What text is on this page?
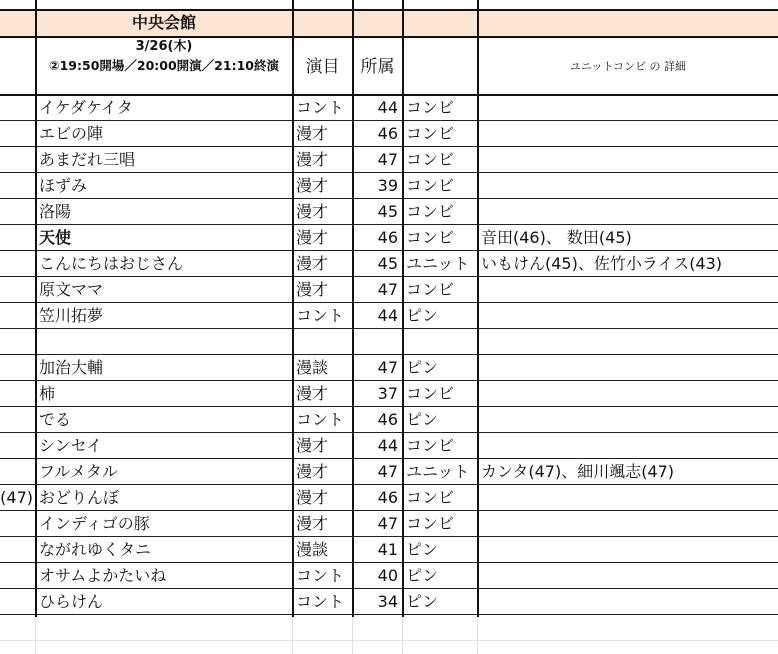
中央会館
3/26(木)
②19:50開場／20:00開演／21:10終演	演目	所属	ユニットコンビ の 詳細
イケダケイタ	コント	44 コンビ
エビの陣	漫才	46 コンビ
あまだれ三唱	漫才	47 コンビ
ほずみ	漫才	39 コンビ
洛陽	漫才	45 コンビ
天使	漫才	46 コンビ	音田(46)、 数田(45)
こんにちはおじさん	漫才	45 ユニット いもけん(45)、佐竹小ライス(43)
原文ママ	漫才	47 コンビ
笠川拓夢	コント	44 ピン
加治大輔	漫談	47 ピン
柿	漫才	37 コンビ
でる	コント	46 ピン
シンセイ	漫才	44 コンビ
フルメタル	漫才	47 ユニット カンタ(47)、細川颯志(47)
(47) おどりんぼ	漫才	46 コンビ
インディゴの豚	漫才	47 コンビ
ながれゆくタニ	漫談	41 ピン
オサムよかたいね	コント	40 ピン
ひらけん	コント	34 ピン
